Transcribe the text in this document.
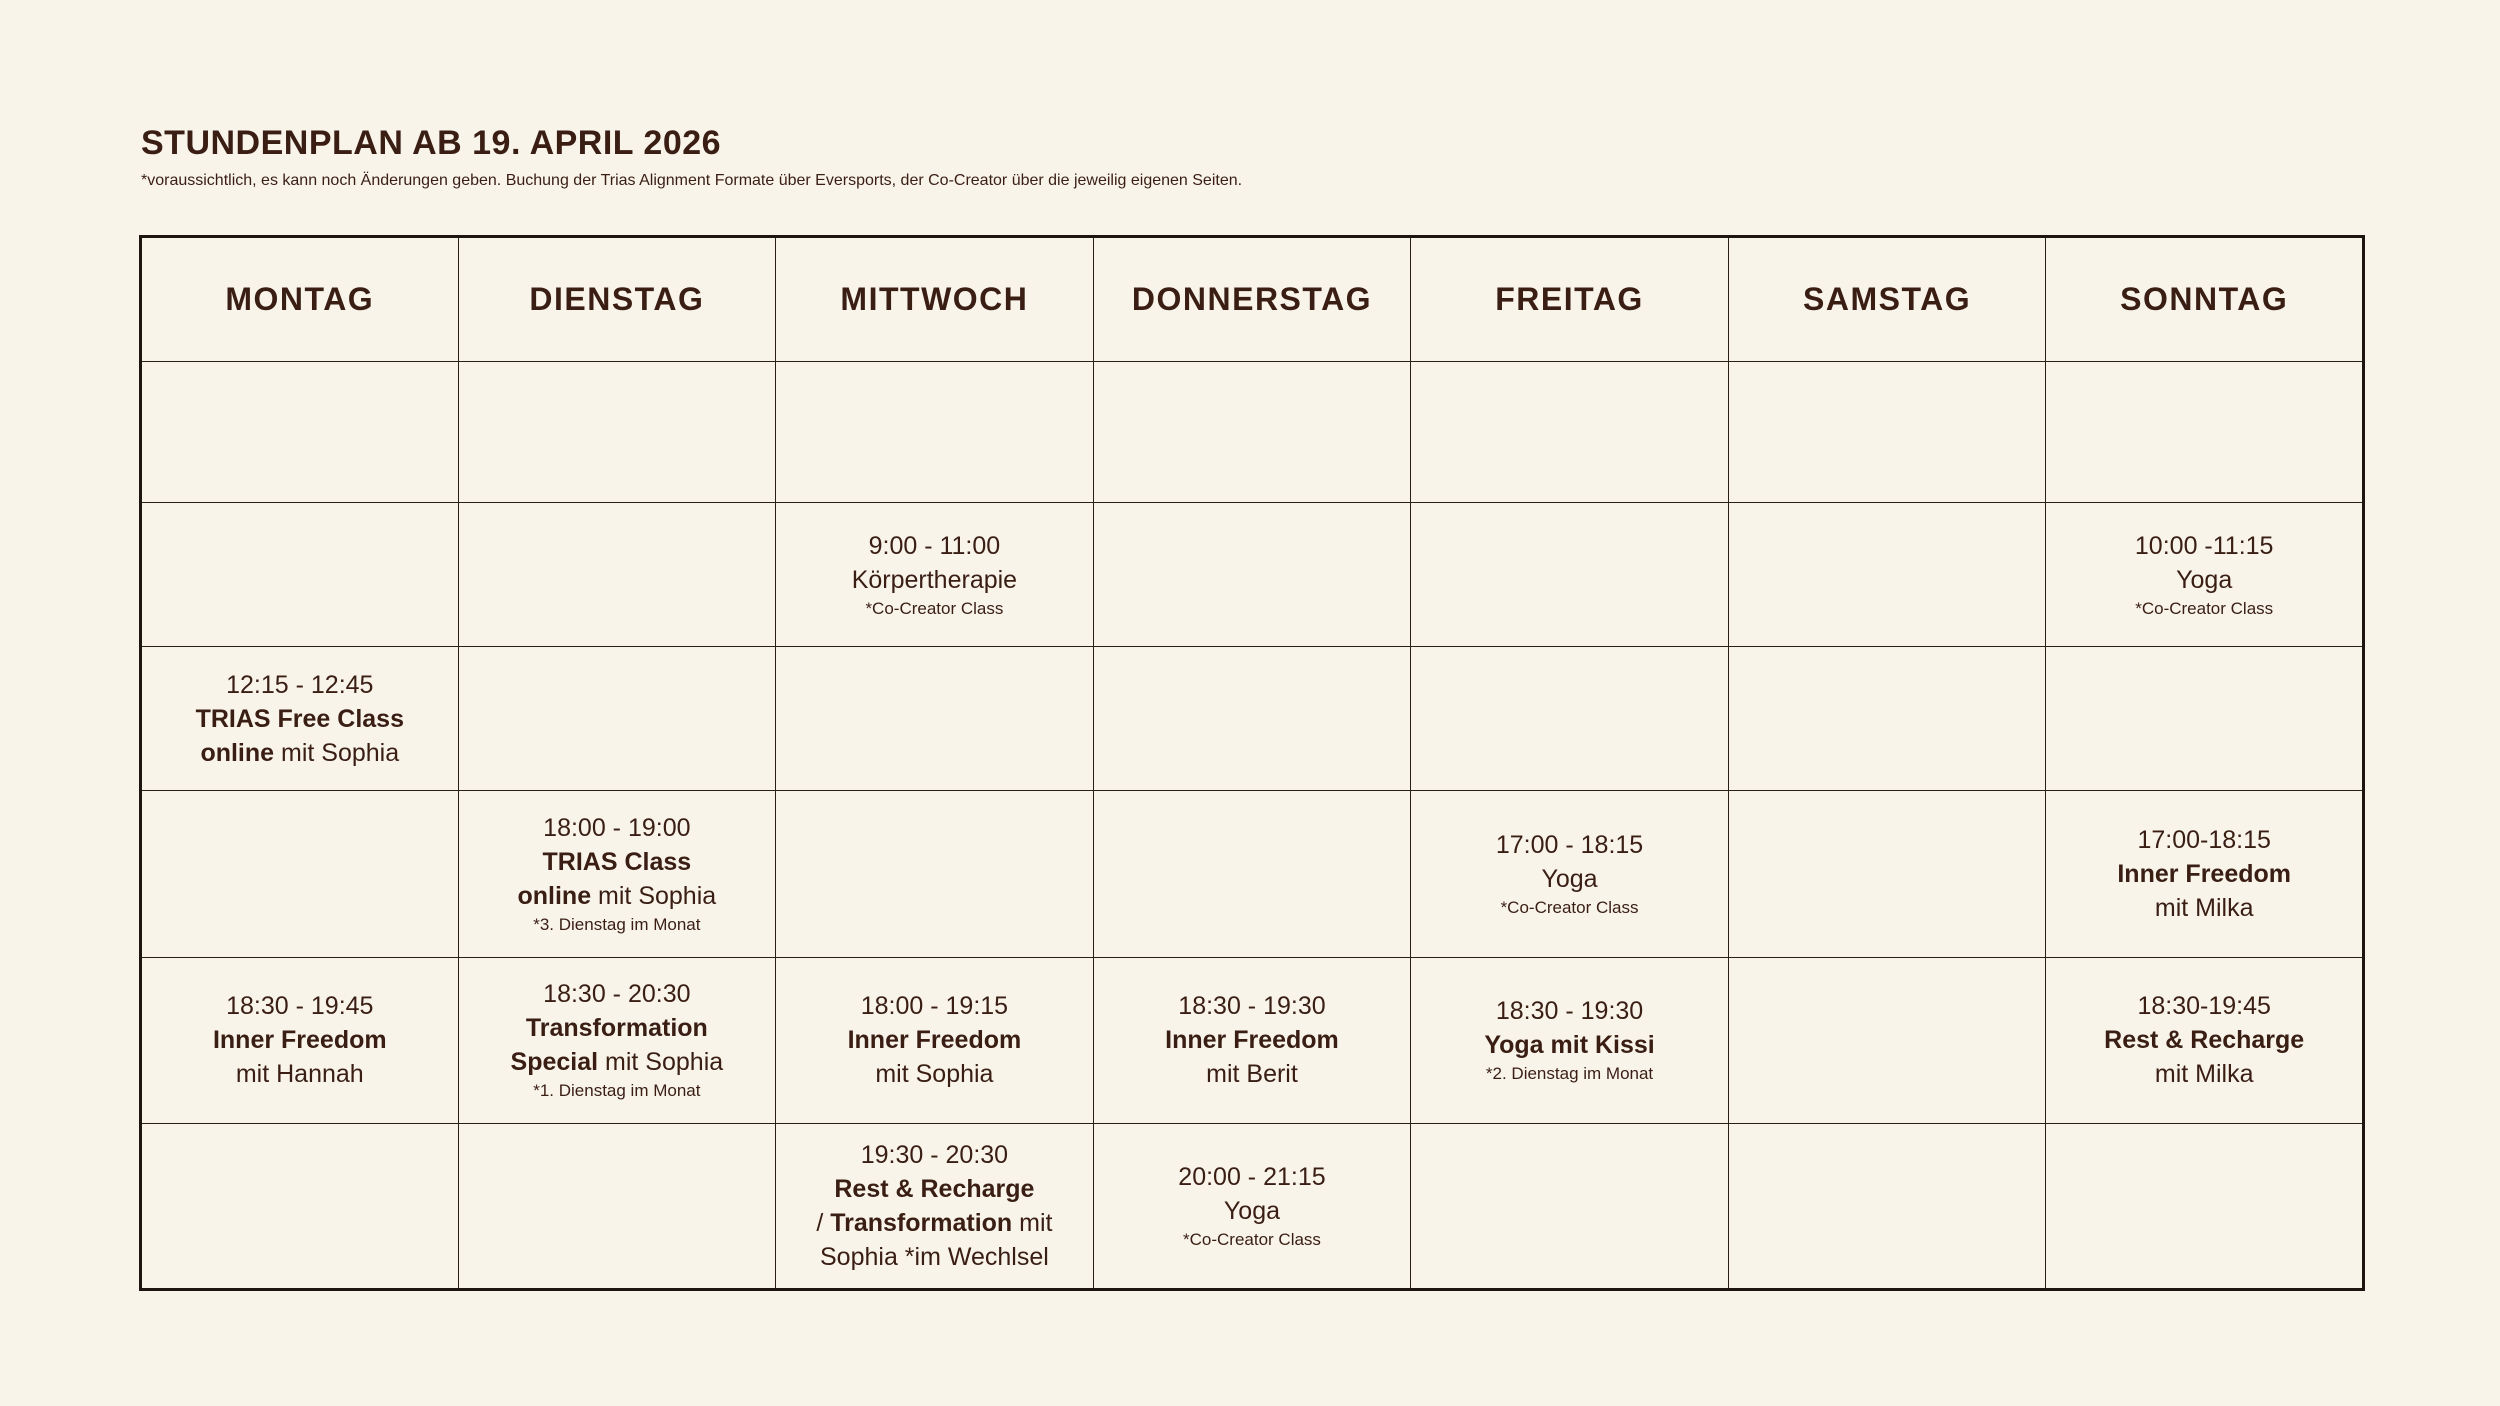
STUNDENPLAN AB 19. APRIL 2026

*voraussichtlich, es kann noch Änderungen geben. Buchung der Trias Alignment Formate über Eversports, der Co-Creator über die jeweilig eigenen Seiten.

MONTAG	DIENSTAG	MITTWOCH	DONNERSTAG	FREITAG	SAMSTAG	SONNTAG

		9:00 - 11:00
Körpertherapie
*Co-Creator Class				10:00 -11:15
Yoga
*Co-Creator Class

12:15 - 12:45
TRIAS Free Class
online mit Sophia						

	18:00 - 19:00
TRIAS Class
online mit Sophia
*3. Dienstag im Monat			17:00 - 18:15
Yoga
*Co-Creator Class		17:00-18:15
Inner Freedom
mit Milka

18:30 - 19:45
Inner Freedom
mit Hannah	18:30 - 20:30
Transformation
Special mit Sophia
*1. Dienstag im Monat	18:00 - 19:15
Inner Freedom
mit Sophia	18:30 - 19:30
Inner Freedom
mit Berit	18:30 - 19:30
Yoga mit Kissi
*2. Dienstag im Monat		18:30-19:45
Rest & Recharge
mit Milka

		19:30 - 20:30
Rest & Recharge
/ Transformation mit
Sophia *im Wechlsel	20:00 - 21:15
Yoga
*Co-Creator Class			
